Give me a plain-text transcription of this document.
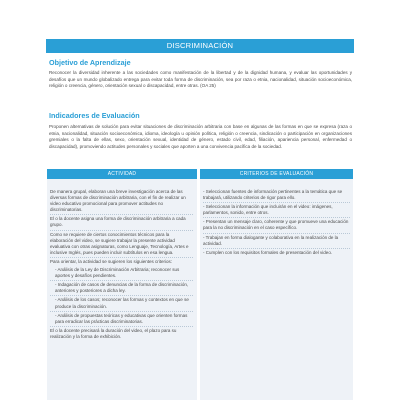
DISCRIMINACIÓN
Objetivo de Aprendizaje
Reconocer la diversidad inherente a las sociedades como manifestación de la libertad y de la dignidad humana, y evaluar las oportunidades y desafíos que un mundo globalizado entrega para evitar toda forma de discriminación, sea por raza o etnia, nacionalidad, situación socioeconómica, religión o creencia, género, orientación sexual o discapacidad, entre otras. (OA 25)
Indicadores de Evaluación
Proponen alternativas de solución para evitar situaciones de discriminación arbitraria con base en algunas de las formas en que se expresa (raza o etnia, nacionalidad, situación socioeconómica, idioma, ideología u opinión política, religión o creencia, sindicación o participación en organizaciones gremiales o la falta de ellas, sexo, orientación sexual, identidad de género, estado civil, edad, filiación, apariencia personal, enfermedad o discapacidad), promoviendo actitudes personales y sociales que aporten a una convivencia pacífica de la sociedad.
ACTIVIDAD	CRITERIOS DE EVALUACIÓN
De manera grupal, elaboran una breve investigación acerca de las diversas formas de discriminación arbitraria, con el fin de realizar un video educativo promocional para promover actitudes no discriminatorias.
El o la docente asigna una forma de discriminación arbitraria a cada grupo.
Como se requiere de ciertos conocimientos técnicos para la elaboración del video, se sugiere trabajar la presente actividad evaluativa con otras asignaturas, como Lenguaje, Tecnología, Artes e inclusive Inglés, pues pueden incluir subtítulos en esa lengua.
Para orientar, la actividad se sugieren los siguientes criterios:
- Análisis de la Ley de Discriminación Arbitraria; reconocer sus aportes y desafíos pendientes.
- Indagación de casos de denuncias de la forma de discriminación, anteriores y posteriores a dicha ley.
- Análisis de los casos; reconocer las formas y contextos en que se produce la discriminación.
- Análisis de propuestas teóricas y educativas que orienten formas para erradicar las prácticas discriminatorias.
El o la docente precisará la duración del video, el plazo para su realización y la forma de exhibición.
- Seleccionan fuentes de información pertinentes a la temática que se trabajará, utilizando criterios de rigor para ello.
- Seleccionan la información que incluirán en el video: imágenes, parlamentos, sonido, entre otros.
- Presentan un mensaje claro, coherente y que promueve una educación para la no discriminación en el caso específico.
- Trabajan en forma dialogante y colaborativa en la realización de la actividad.
- Cumplen con los requisitos formales de presentación del video.
